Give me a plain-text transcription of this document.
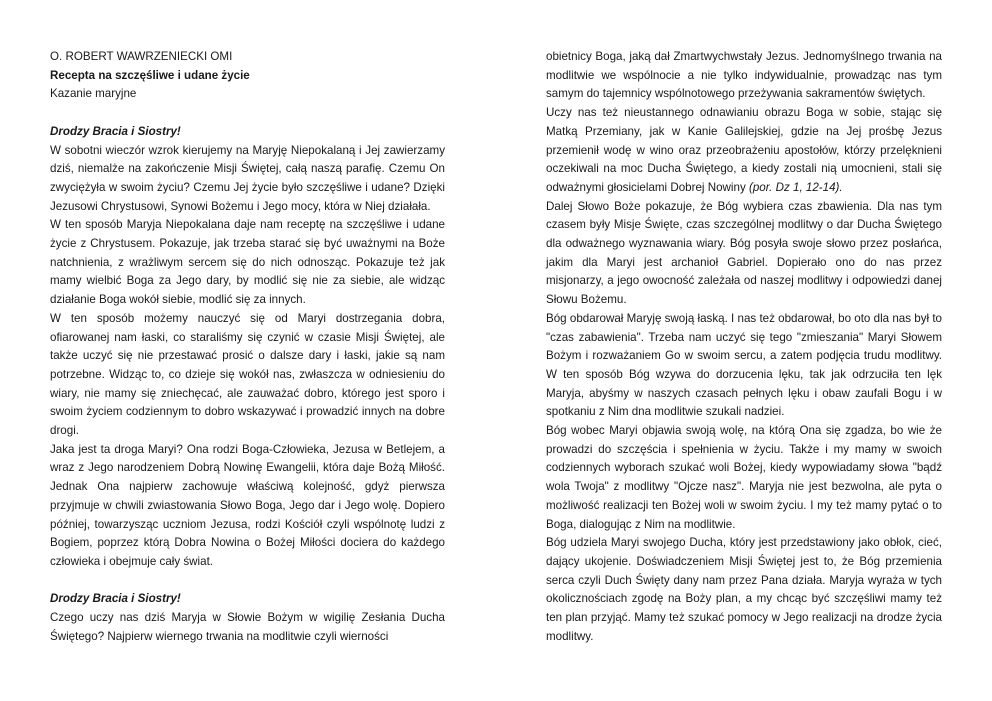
O. ROBERT WAWRZENIECKI OMI

Recepta na szczęśliwe i udane życie

Kazanie maryjne

Drodzy Bracia i Siostry!

W sobotni wieczór wzrok kierujemy na Maryję Niepokalaną i Jej zawierzamy dziś, niemalże na zakończenie Misji Świętej, całą naszą parafię. Czemu On zwyciężyła w swoim życiu? Czemu Jej życie było szczęśliwe i udane? Dzięki Jezusowi Chrystusowi, Synowi Bożemu i Jego mocy, która w Niej działała.

W ten sposób Maryja Niepokalana daje nam receptę na szczęśliwe i udane życie z Chrystusem. Pokazuje, jak trzeba starać się być uważnymi na Boże natchnienia, z wrażliwym sercem się do nich odnosząc. Pokazuje też jak mamy wielbić Boga za Jego dary, by modlić się nie za siebie, ale widząc działanie Boga wokół siebie, modlić się za innych.

W ten sposób możemy nauczyć się od Maryi dostrzegania dobra, ofiarowanej nam łaski, co staraliśmy się czynić w czasie Misji Świętej, ale także uczyć się nie przestawać prosić o dalsze dary i łaski, jakie są nam potrzebne. Widząc to, co dzieje się wokół nas, zwłaszcza w odniesieniu do wiary, nie mamy się zniechęcać, ale zauważać dobro, którego jest sporo i swoim życiem codziennym to dobro wskazywać i prowadzić innych na dobre drogi.

Jaka jest ta droga Maryi? Ona rodzi Boga-Człowieka, Jezusa w Betlejem, a wraz z Jego narodzeniem Dobrą Nowinę Ewangelii, która daje Bożą Miłość. Jednak Ona najpierw zachowuje właściwą kolejność, gdyż pierwsza przyjmuje w chwili zwiastowania Słowo Boga, Jego dar i Jego wolę. Dopiero później, towarzysząc uczniom Jezusa, rodzi Kościół czyli wspólnotę ludzi z Bogiem, poprzez którą Dobra Nowina o Bożej Miłości dociera do każdego człowieka i obejmuje cały świat.

Drodzy Bracia i Siostry!

Czego uczy nas dziś Maryja w Słowie Bożym w wigilię Zesłania Ducha Świętego? Najpierw wiernego trwania na modlitwie czyli wierności

obietnicy Boga, jaką dał Zmartwychwstały Jezus. Jednomyślnego trwania na modlitwie we wspólnocie a nie tylko indywidualnie, prowadząc nas tym samym do tajemnicy wspólnotowego przeżywania sakramentów świętych.

Uczy nas też nieustannego odnawianiu obrazu Boga w sobie, stając się Matką Przemiany, jak w Kanie Galilejskiej, gdzie na Jej prośbę Jezus przemienił wodę w wino oraz przeobrażeniu apostołów, którzy przelęknieni oczekiwali na moc Ducha Świętego, a kiedy zostali nią umocnieni, stali się odważnymi głosicielami Dobrej Nowiny (por. Dz 1, 12-14).

Dalej Słowo Boże pokazuje, że Bóg wybiera czas zbawienia. Dla nas tym czasem były Misje Święte, czas szczególnej modlitwy o dar Ducha Świętego dla odważnego wyznawania wiary. Bóg posyła swoje słowo przez posłańca, jakim dla Maryi jest archanioł Gabriel. Dopierało ono do nas przez misjonarzy, a jego owocność zależała od naszej modlitwy i odpowiedzi danej Słowu Bożemu.

Bóg obdarował Maryję swoją łaską. I nas też obdarował, bo oto dla nas był to "czas zabawienia". Trzeba nam uczyć się tego "zmieszania" Maryi Słowem Bożym i rozważaniem Go w swoim sercu, a zatem podjęcia trudu modlitwy. W ten sposób Bóg wzywa do dorzucenia lęku, tak jak odrzuciła ten lęk Maryja, abyśmy w naszych czasach pełnych lęku i obaw zaufali Bogu i w spotkaniu z Nim dna modlitwie szukali nadziei.

Bóg wobec Maryi objawia swoją wolę, na którą Ona się zgadza, bo wie że prowadzi do szczęścia i spełnienia w życiu. Także i my mamy w swoich codziennych wyborach szukać woli Bożej, kiedy wypowiadamy słowa "bądź wola Twoja" z modlitwy "Ojcze nasz". Maryja nie jest bezwolna, ale pyta o możliwość realizacji ten Bożej woli w swoim życiu. I my też mamy pytać o to Boga, dialogując z Nim na modlitwie.

Bóg udziela Maryi swojego Ducha, który jest przedstawiony jako obłok, cieć, dający ukojenie. Doświadczeniem Misji Świętej jest to, że Bóg przemienia serca czyli Duch Święty dany nam przez Pana działa. Maryja wyraża w tych okolicznościach zgodę na Boży plan, a my chcąc być szczęśliwi mamy też ten plan przyjąć. Mamy też szukać pomocy w Jego realizacji na drodze życia modlitwy.
